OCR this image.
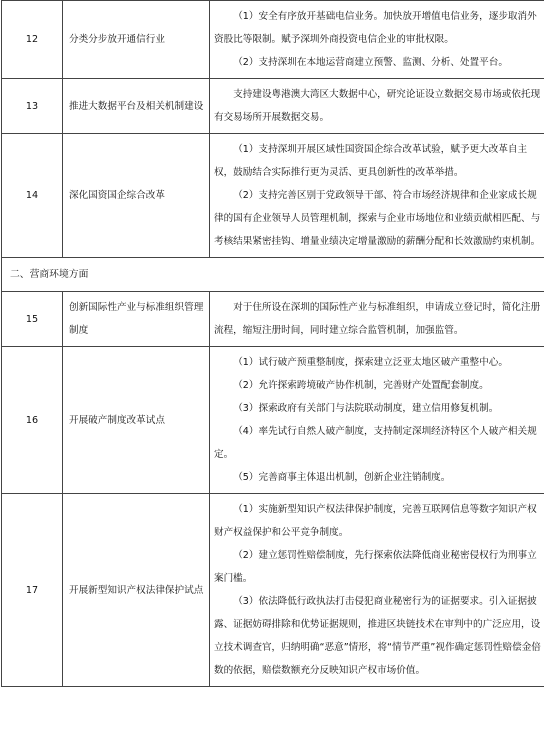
12	分类分步放开通信行业	（1）安全有序放开基础电信业务。加快放开增值电信业务，逐步取消外资股比等限制。赋予深圳外商投资电信企业的审批权限。

（2）支持深圳在本地运营商建立预警、监测、分析、处置平台。

13	推进大数据平台及相关机制建设	支持建设粤港澳大湾区大数据中心，研究论证设立数据交易市场或依托现有交易场所开展数据交易。

14	深化国资国企综合改革	（1）支持深圳开展区域性国资国企综合改革试验，赋予更大改革自主权，鼓励结合实际推行更为灵活、更具创新性的改革举措。

（2）支持完善区别于党政领导干部、符合市场经济规律和企业家成长规律的国有企业领导人员管理机制，探索与企业市场地位和业绩贡献相匹配、与考核结果紧密挂钩、增量业绩决定增量激励的薪酬分配和长效激励约束机制。

二、营商环境方面		
15	创新国际性产业与标准组织管理制度	对于住所设在深圳的国际性产业与标准组织，申请成立登记时，简化注册流程，缩短注册时间，同时建立综合监管机制，加强监管。

16	开展破产制度改革试点	（1）试行破产预重整制度，探索建立泛亚太地区破产重整中心。

（2）允许探索跨境破产协作机制，完善财产处置配套制度。

（3）探索政府有关部门与法院联动制度，建立信用修复机制。

（4）率先试行自然人破产制度，支持制定深圳经济特区个人破产相关规定。

（5）完善商事主体退出机制，创新企业注销制度。

17	开展新型知识产权法律保护试点	（1）实施新型知识产权法律保护制度，完善互联网信息等数字知识产权财产权益保护和公平竞争制度。

（2）建立惩罚性赔偿制度，先行探索依法降低商业秘密侵权行为刑事立案门槛。

（3）依法降低行政执法打击侵犯商业秘密行为的证据要求。引入证据披露、证据妨碍排除和优势证据规则，推进区块链技术在审判中的广泛应用，设立技术调查官，归纳明确“恶意”情形，将“情节严重”视作确定惩罚性赔偿金倍数的依据，赔偿数额充分反映知识产权市场价值。
